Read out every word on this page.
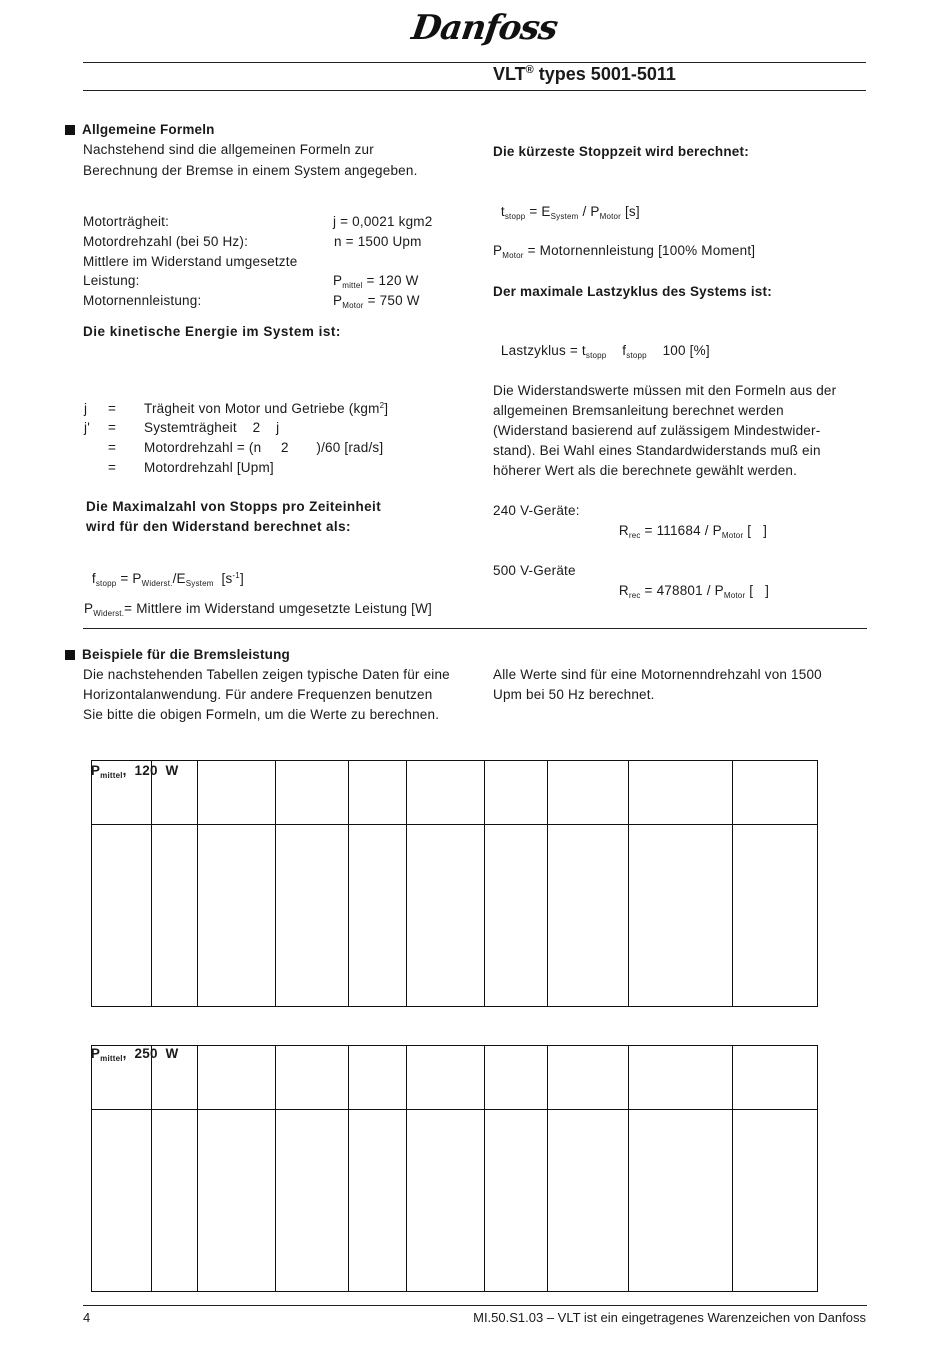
Danfoss
VLT® types 5001-5011
Allgemeine Formeln
Nachstehend sind die allgemeinen Formeln zur
Berechnung der Bremse in einem System angegeben.
Motorträgheit:	j = 0,0021 kgm2
Motordrehzahl (bei 50 Hz):	n = 1500 Upm
Mittlere im Widerstand umgesetzte
Leistung:	$P_{mittel} = 120$ W
Motornennleistung:	$P_{Motor} = 750$ W
Die kinetische Energie im System ist:
j = Trägheit von Motor und Getriebe (kgm$^2$]
j' = Systemträgheit    2    j
= Motordrehzahl = (n     2       )/60 [rad/s]
= Motordrehzahl [Upm]
Die Maximalzahl von Stopps pro Zeiteinheit
wird für den Widerstand berechnet als:

$f_{stopp} = P_{Widerst.}/E_{System}$  $[s^{-1}]$

$P_{Widerst.}=$ Mittlere im Widerstand umgesetzte Leistung [W]
Die kürzeste Stoppzeit wird berechnet:

$t_{stopp} = E_{System} / P_{Motor}$ [s]

$P_{Motor}$ = Motornennleistung [100% Moment]
Der maximale Lastzyklus des Systems ist:

Lastzyklus = $t_{stopp}$    $f_{stopp}$    100 [%]

Die Widerstandswerte müssen mit den Formeln aus der
allgemeinen Bremsanleitung berechnet werden
(Widerstand basierend auf zulässigem Mindestwider-
stand). Bei Wahl eines Standardwiderstands muß ein
höherer Wert als die berechnete gewählt werden.
240 V-Geräte:

$R_{rec} = 111684 / P_{Motor}$ [   ]

500 V-Geräte

$R_{rec} = 478801 / P_{Motor}$ [   ]

Beispiele für die Bremsleistung
Die nachstehenden Tabellen zeigen typische Daten für eine
Horizontalanwendung. Für andere Frequenzen benutzen
Sie bitte die obigen Formeln, um die Werte zu berechnen.
Alle Werte sind für eine Motornenndrehzahl von 1500
Upm bei 50 Hz berechnet.

$P_{mittel}$,  120  W

$P_{mittel}$,  250  W

4	MI.50.S1.03 – VLT ist ein eingetragenes Warenzeichen von Danfoss
